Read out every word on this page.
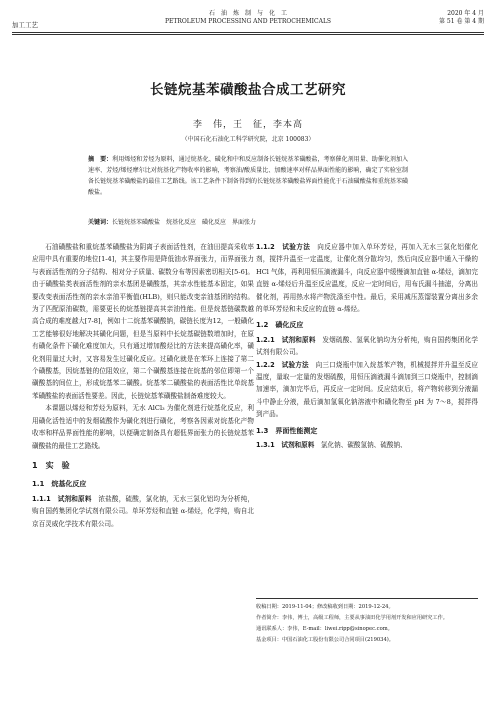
加工工艺
石　油　炼　制　与　化　工
PETROLEUM PROCESSING AND PETROCHEMICALS
2020 年 4 月
第 51 卷 第 4 期
长链烷基苯磺酸盐合成工艺研究
李　伟，王　征，李本高
（中国石化石油化工科学研究院，北京 100083）
摘　要：利用烯烃和芳烃为原料，通过烷基化、磺化和中和反应制备长链烷基苯磺酸盐，考察催化剂用量、助催化剂加入速率、芳烃/烯烃摩尔比对烷基化产物收率的影响，考察油/酸质量比、加酸速率对样品界面性能的影响，确定了实验室制备长链烷基苯磺酸盐的最佳工艺路线。该工艺条件下制备得到的长链烷基苯磺酸盐界面性能优于石油磺酸盐和重烷基苯磺酸盐。
关键词：长链烷基苯磺酸盐　烷基化反应　磺化反应　界面张力

石油磺酸盐和重烷基苯磺酸盐为阴离子表面活性剂，在油田提高采收率应用中具有重要的地位[1-4]，其主要作用是降低油水界面张力，而界面张力与表面活性剂的分子结构、相对分子质量、碳数分布等因素密切相关[5-6]。由于磺酸盐类表面活性剂的亲水基团是磺酸基，其亲水性能基本固定，如果要改变表面活性剂的亲水亲油平衡值(HLB)，则只能改变亲油基团的结构。为了匹配原油碳数，需要更长的烷基链提高其亲油性能。但是烷基链碳数越高合成的难度越大[7-8]，例如十二烷基苯磺酸钠，碳链长度为12，一般磺化工艺能够很好地解决其磺化问题，但是当原料中长烷基碳链数增加时，在原有磺化条件下磺化难度加大，只有通过增加酸烃比的方法来提高磺化率，磺化剂用量过大时，又容易发生过磺化反应。过磺化就是在苯环上连接了第二个磺酸基，因烷基链的位阻效应，第二个磺酸基连接在烷基的邻位即第一个磺酸基的间位上，形成烷基苯二磺酸。烷基苯二磺酸盐的表面活性比单烷基苯磺酸盐的表面活性要差。因此，长链烷基苯磺酸盐制备难度较大。

本课题以烯烃和芳烃为原料，无水 AlCl₃ 为催化剂进行烷基化反应，利用磺化活性适中的发烟硫酸作为磺化剂进行磺化，考察各因素对烷基化产物收率和样品界面性能的影响，以便确定制备具有超低界面张力的长链烷基苯磺酸盐的最佳工艺路线。

1　实　验
1.1　烷基化反应
1.1.1　试剂和原料　浓盐酸，硫酸，氯化钠，无水三氯化铝均为分析纯，购自国药集团化学试剂有限公司。单环芳烃和直链 α-烯烃，化学纯，购自北京百灵威化学技术有限公司。
1.1.2　试验方法　向反应器中加入单环芳烃，再加入无水三氯化铝催化剂，搅拌升温至一定温度，让催化剂分散均匀，然后向反应器中通入干燥的 HCl 气体，再利用恒压滴液漏斗，向反应器中缓慢滴加直链 α-烯烃，滴加完直链 α-烯烃后升温至反应温度，反应一定时间后，用布氏漏斗抽滤，分离出催化剂，再用热水将产物洗涤至中性。最后，采用减压蒸馏装置分离出多余的单环芳烃和未反应的直链 α-烯烃。
1.2　磺化反应
1.2.1　试剂和原料　发烟硫酸、氢氧化钠均为分析纯，购自国药集团化学试剂有限公司。
1.2.2　试验方法　向三口烧瓶中加入烷基苯产物，机械搅拌并升温至反应温度，量取一定量的发烟硫酸，用恒压滴液漏斗滴加到三口烧瓶中，控制滴加速率，滴加完毕后，再反应一定时间。反应结束后，将产物转移到分液漏斗中静止分液，最后滴加氢氧化钠溶液中和磺化物至 pH 为 7～8，搅拌得到产品。
1.3　界面性能测定
1.3.1　试剂和原料　氯化钠、碳酸氢钠、硫酸钠、
收稿日期：2019-11-04；修改稿收到日期：2019-12-24。
作者简介：李伟，博士，高级工程师，主要从事油田化学用剂开发和应用研究工作。
通讯联系人：李伟，E-mail：liwei.ripp@sinopec.com。
基金项目：中国石油化工股份有限公司合同项目(219034)。
